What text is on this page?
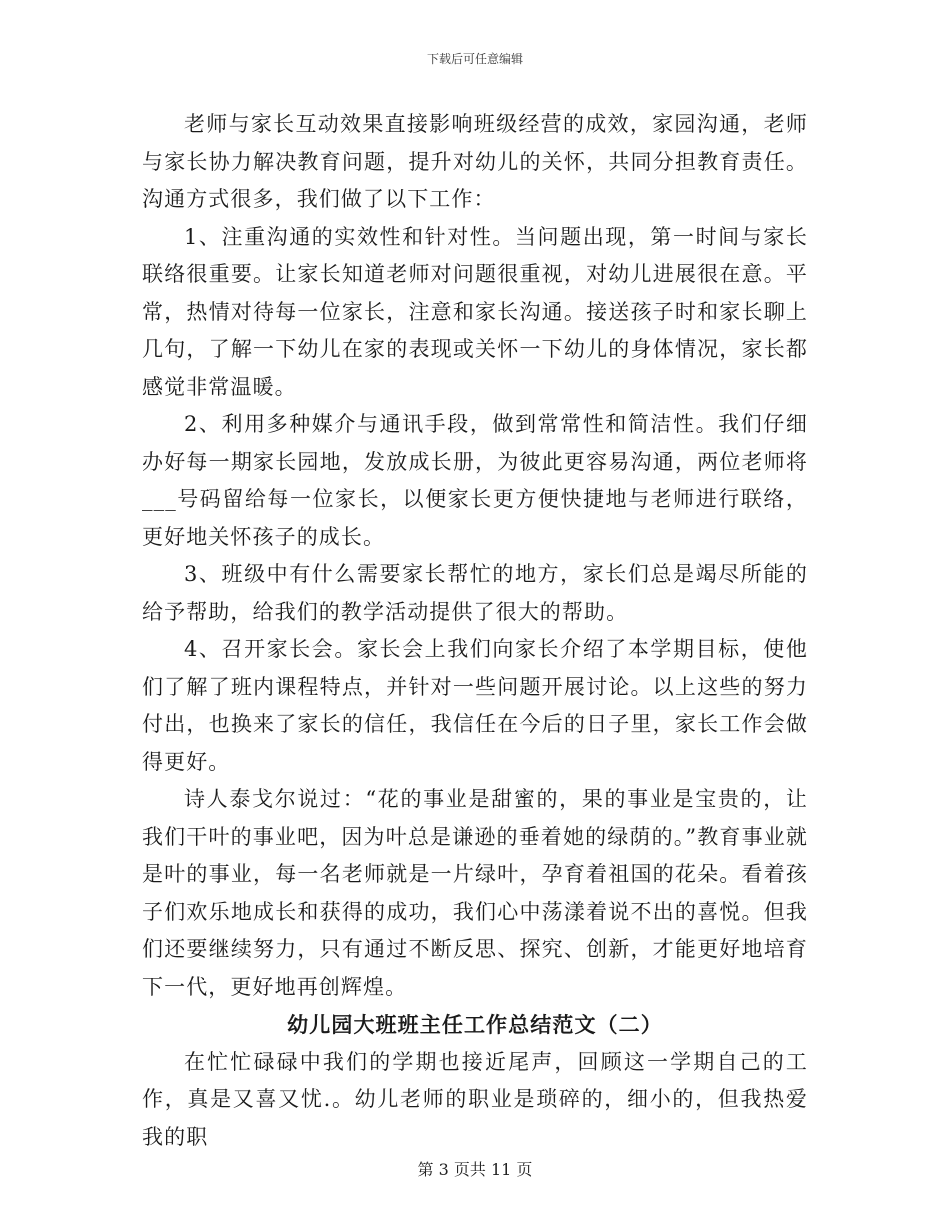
下载后可任意编辑

老师与家长互动效果直接影响班级经营的成效，家园沟通，老师与家长协力解决教育问题，提升对幼儿的关怀，共同分担教育责任。沟通方式很多，我们做了以下工作：

1、注重沟通的实效性和针对性。当问题出现，第一时间与家长联络很重要。让家长知道老师对问题很重视，对幼儿进展很在意。平常，热情对待每一位家长，注意和家长沟通。接送孩子时和家长聊上几句，了解一下幼儿在家的表现或关怀一下幼儿的身体情况，家长都感觉非常温暖。

2、利用多种媒介与通讯手段，做到常常性和简洁性。我们仔细办好每一期家长园地，发放成长册，为彼此更容易沟通，两位老师将___号码留给每一位家长，以便家长更方便快捷地与老师进行联络，更好地关怀孩子的成长。

3、班级中有什么需要家长帮忙的地方，家长们总是竭尽所能的给予帮助，给我们的教学活动提供了很大的帮助。

4、召开家长会。家长会上我们向家长介绍了本学期目标，使他们了解了班内课程特点，并针对一些问题开展讨论。以上这些的努力付出，也换来了家长的信任，我信任在今后的日子里，家长工作会做得更好。

诗人泰戈尔说过：“花的事业是甜蜜的，果的事业是宝贵的，让我们干叶的事业吧，因为叶总是谦逊的垂着她的绿荫的。”教育事业就是叶的事业，每一名老师就是一片绿叶，孕育着祖国的花朵。看着孩子们欢乐地成长和获得的成功，我们心中荡漾着说不出的喜悦。但我们还要继续努力，只有通过不断反思、探究、创新，才能更好地培育下一代，更好地再创辉煌。

幼儿园大班班主任工作总结范文（二）

在忙忙碌碌中我们的学期也接近尾声，回顾这一学期自己的工作，真是又喜又忧.。幼儿老师的职业是琐碎的，细小的，但我热爱我的职

第 3 页共 11 页
